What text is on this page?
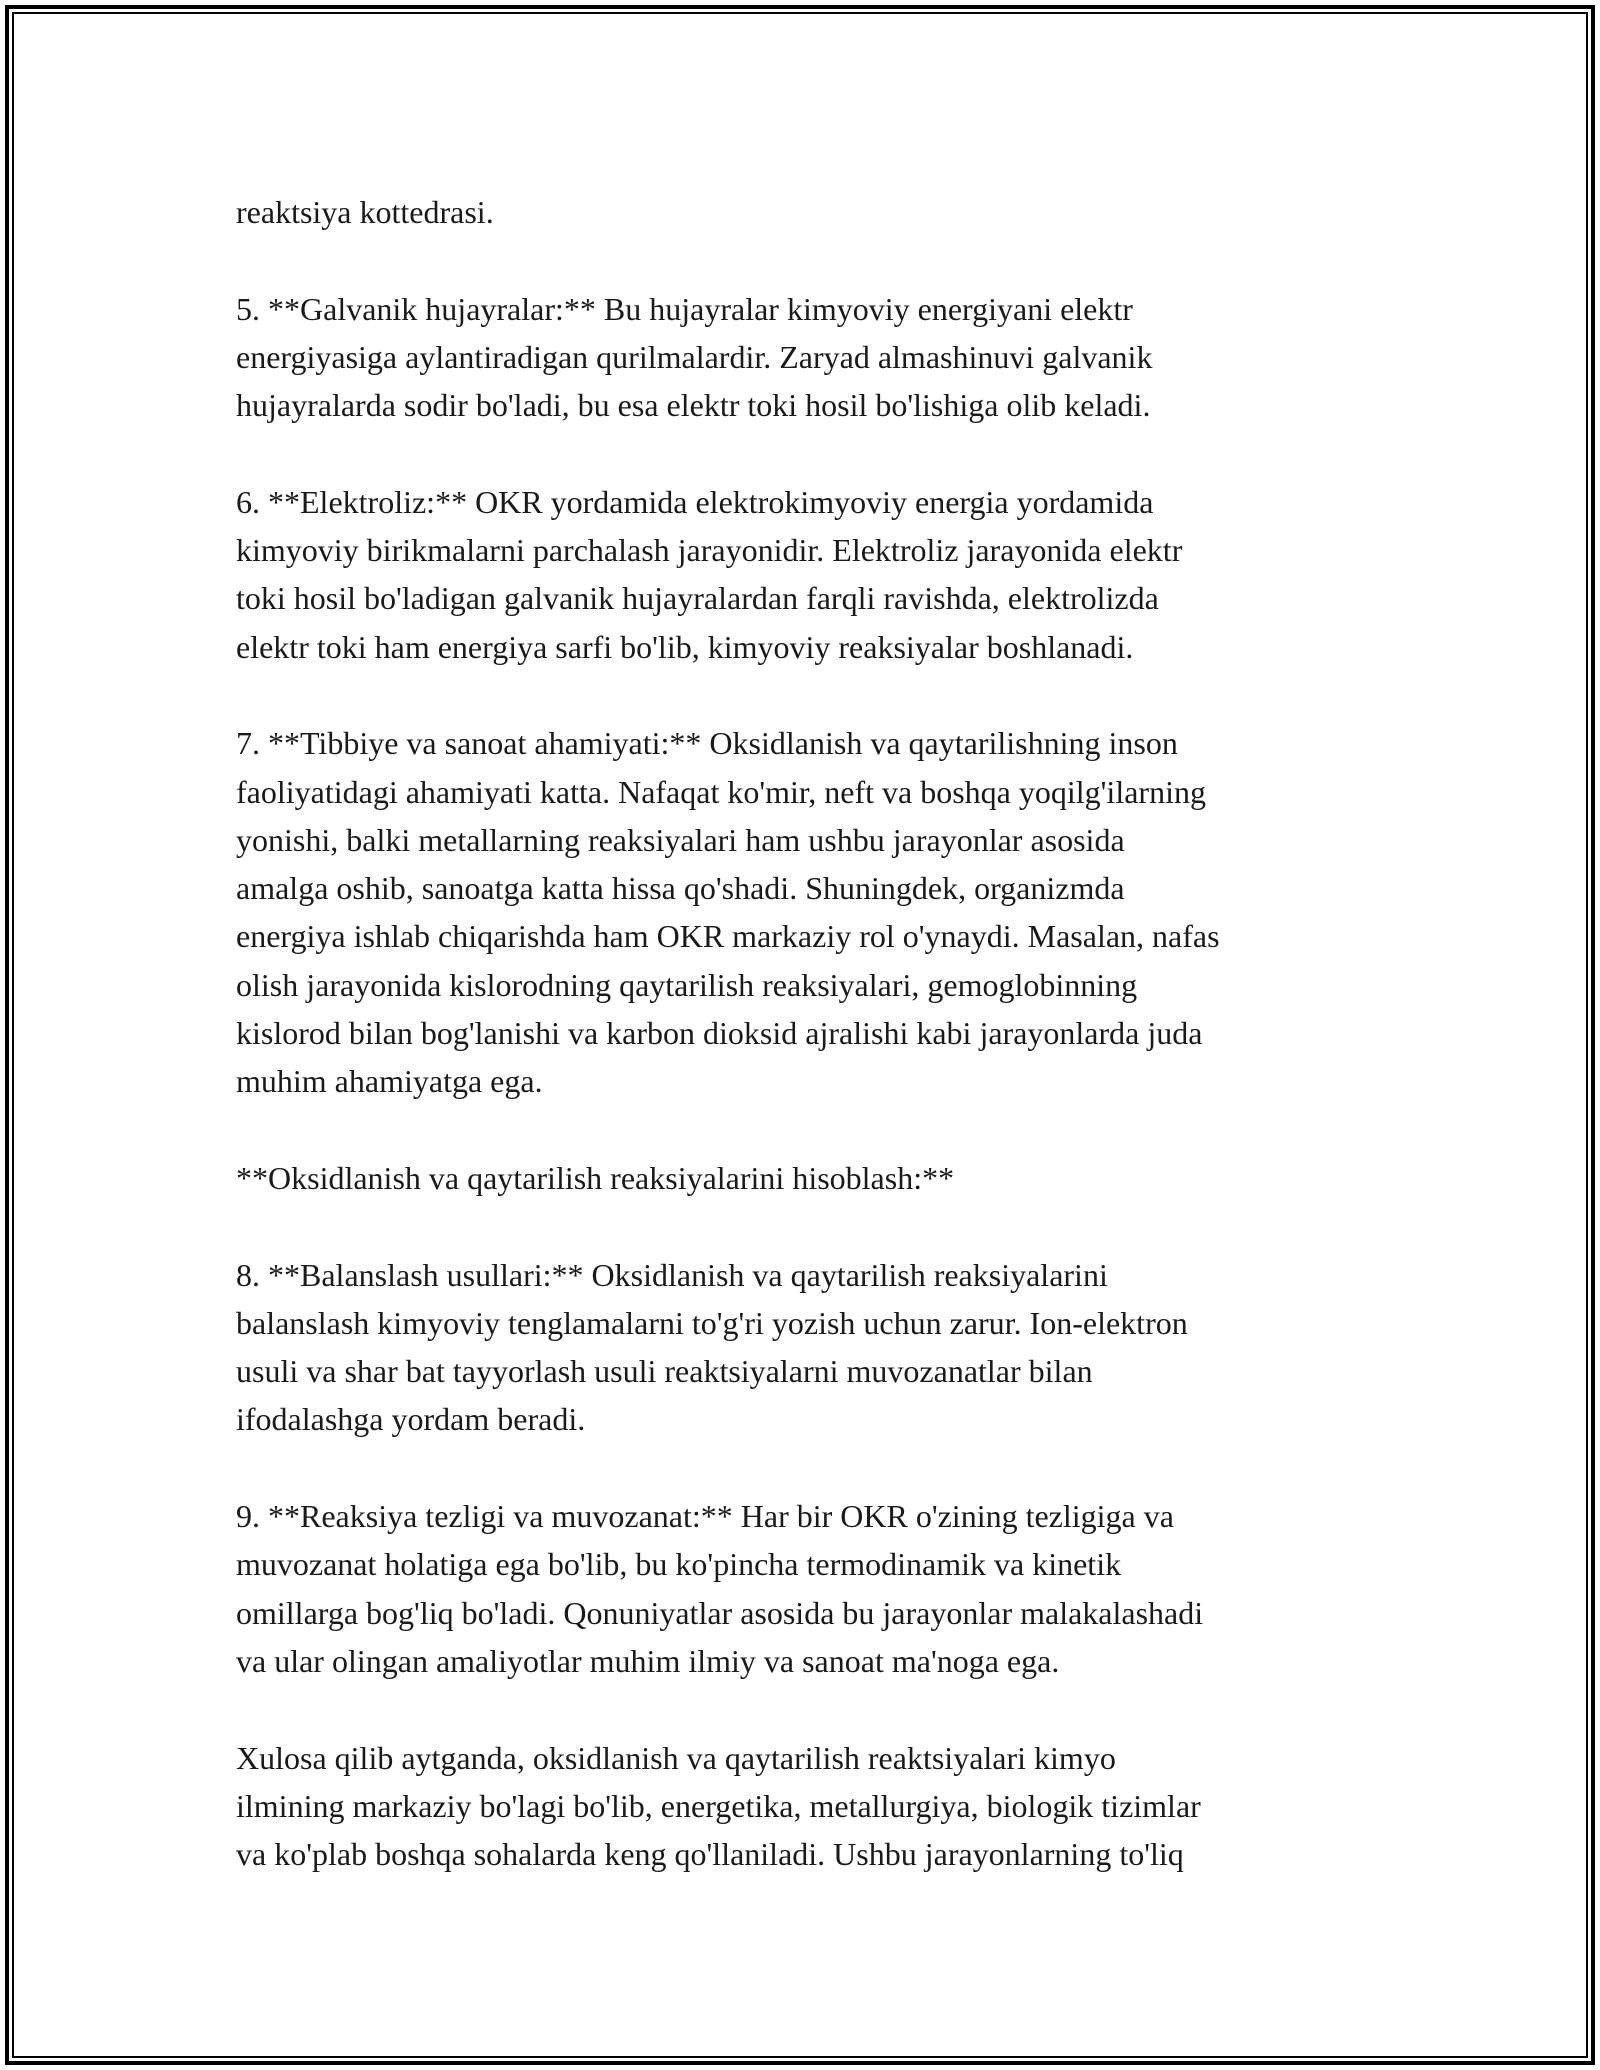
reaktsiya kottedrasi.

5. **Galvanik hujayralar:** Bu hujayralar kimyoviy energiyani elektr
energiyasiga aylantiradigan qurilmalardir. Zaryad almashinuvi galvanik
hujayralarda sodir bo'ladi, bu esa elektr toki hosil bo'lishiga olib keladi.

6. **Elektroliz:** OKR yordamida elektrokimyoviy energia yordamida
kimyoviy birikmalarni parchalash jarayonidir. Elektroliz jarayonida elektr
toki hosil bo'ladigan galvanik hujayralardan farqli ravishda, elektrolizda
elektr toki ham energiya sarfi bo'lib, kimyoviy reaksiyalar boshlanadi.

7. **Tibbiye va sanoat ahamiyati:** Oksidlanish va qaytarilishning inson
faoliyatidagi ahamiyati katta. Nafaqat ko'mir, neft va boshqa yoqilg'ilarning
yonishi, balki metallarning reaksiyalari ham ushbu jarayonlar asosida
amalga oshib, sanoatga katta hissa qo'shadi. Shuningdek, organizmda
energiya ishlab chiqarishda ham OKR markaziy rol o'ynaydi. Masalan, nafas
olish jarayonida kislorodning qaytarilish reaksiyalari, gemoglobinning
kislorod bilan bog'lanishi va karbon dioksid ajralishi kabi jarayonlarda juda
muhim ahamiyatga ega.

**Oksidlanish va qaytarilish reaksiyalarini hisoblash:**

8. **Balanslash usullari:** Oksidlanish va qaytarilish reaksiyalarini
balanslash kimyoviy tenglamalarni to'g'ri yozish uchun zarur. Ion-elektron
usuli va shar bat tayyorlash usuli reaktsiyalarni muvozanatlar bilan
ifodalashga yordam beradi.

9. **Reaksiya tezligi va muvozanat:** Har bir OKR o'zining tezligiga va
muvozanat holatiga ega bo'lib, bu ko'pincha termodinamik va kinetik
omillarga bog'liq bo'ladi. Qonuniyatlar asosida bu jarayonlar malakalashadi
va ular olingan amaliyotlar muhim ilmiy va sanoat ma'noga ega.

Xulosa qilib aytganda, oksidlanish va qaytarilish reaktsiyalari kimyo
ilmining markaziy bo'lagi bo'lib, energetika, metallurgiya, biologik tizimlar
va ko'plab boshqa sohalarda keng qo'llaniladi. Ushbu jarayonlarning to'liq
